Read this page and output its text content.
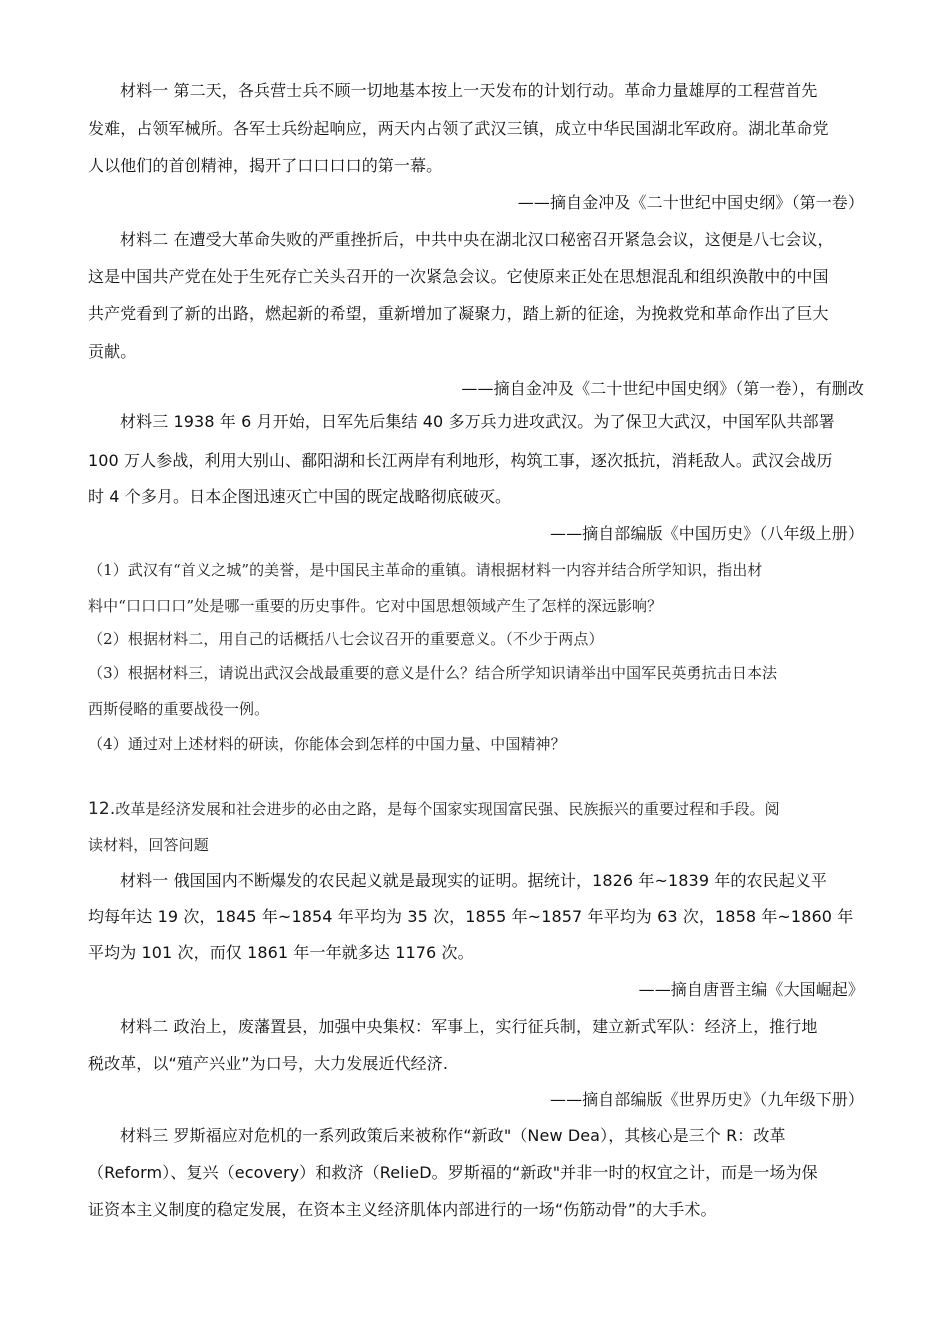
材料一 第二天，各兵营士兵不顾一切地基本按上一天发布的计划行动。革命力量雄厚的工程营首先
发难，占领军械所。各军士兵纷起响应，两天内占领了武汉三镇，成立中华民国湖北军政府。湖北革命党
人以他们的首创精神，揭开了口口口口的第一幕。
——摘自金冲及《二十世纪中国史纲》（第一卷）
材料二 在遭受大革命失败的严重挫折后，中共中央在湖北汉口秘密召开紧急会议，这便是八七会议，
这是中国共产党在处于生死存亡关头召开的一次紧急会议。它使原来正处在思想混乱和组织涣散中的中国
共产党看到了新的出路，燃起新的希望，重新增加了凝聚力，踏上新的征途，为挽救党和革命作出了巨大
贡献。
——摘自金冲及《二十世纪中国史纲》（第一卷），有删改
材料三 1938 年 6 月开始，日军先后集结 40 多万兵力进攻武汉。为了保卫大武汉，中国军队共部署
100 万人参战，利用大别山、鄱阳湖和长江两岸有利地形，构筑工事，逐次抵抗，消耗敌人。武汉会战历
时 4 个多月。日本企图迅速灭亡中国的既定战略彻底破灭。
——摘自部编版《中国历史》（八年级上册）
（1）武汉有“首义之城”的美誉，是中国民主革命的重镇。请根据材料一内容并结合所学知识，指出材
料中“口口口口”处是哪一重要的历史事件。它对中国思想领域产生了怎样的深远影响？
（2）根据材料二，用自己的话概括八七会议召开的重要意义。（不少于两点）
（3）根据材料三，请说出武汉会战最重要的意义是什么？结合所学知识请举出中国军民英勇抗击日本法
西斯侵略的重要战役一例。
（4）通过对上述材料的研读，你能体会到怎样的中国力量、中国精神？
12.改革是经济发展和社会进步的必由之路，是每个国家实现国富民强、民族振兴的重要过程和手段。阅
读材料，回答问题
材料一 俄国国内不断爆发的农民起义就是最现实的证明。据统计，1826 年~1839 年的农民起义平
均每年达 19 次，1845 年~1854 年平均为 35 次，1855 年~1857 年平均为 63 次，1858 年~1860 年
平均为 101 次，而仅 1861 年一年就多达 1176 次。
——摘自唐晋主编《大国崛起》
材料二 政治上，废藩置县，加强中央集权：军事上，实行征兵制，建立新式军队：经济上，推行地
税改革，以“殖产兴业”为口号，大力发展近代经济.
——摘自部编版《世界历史》（九年级下册）
材料三 罗斯福应对危机的一系列政策后来被称作“新政"（New Dea），其核心是三个 R：改革
（Reform）、复兴（ecovery）和救济（RelieD。罗斯福的“新政"并非一时的权宜之计，而是一场为保
证资本主义制度的稳定发展，在资本主义经济肌体内部进行的一场“伤筋动骨”的大手术。
